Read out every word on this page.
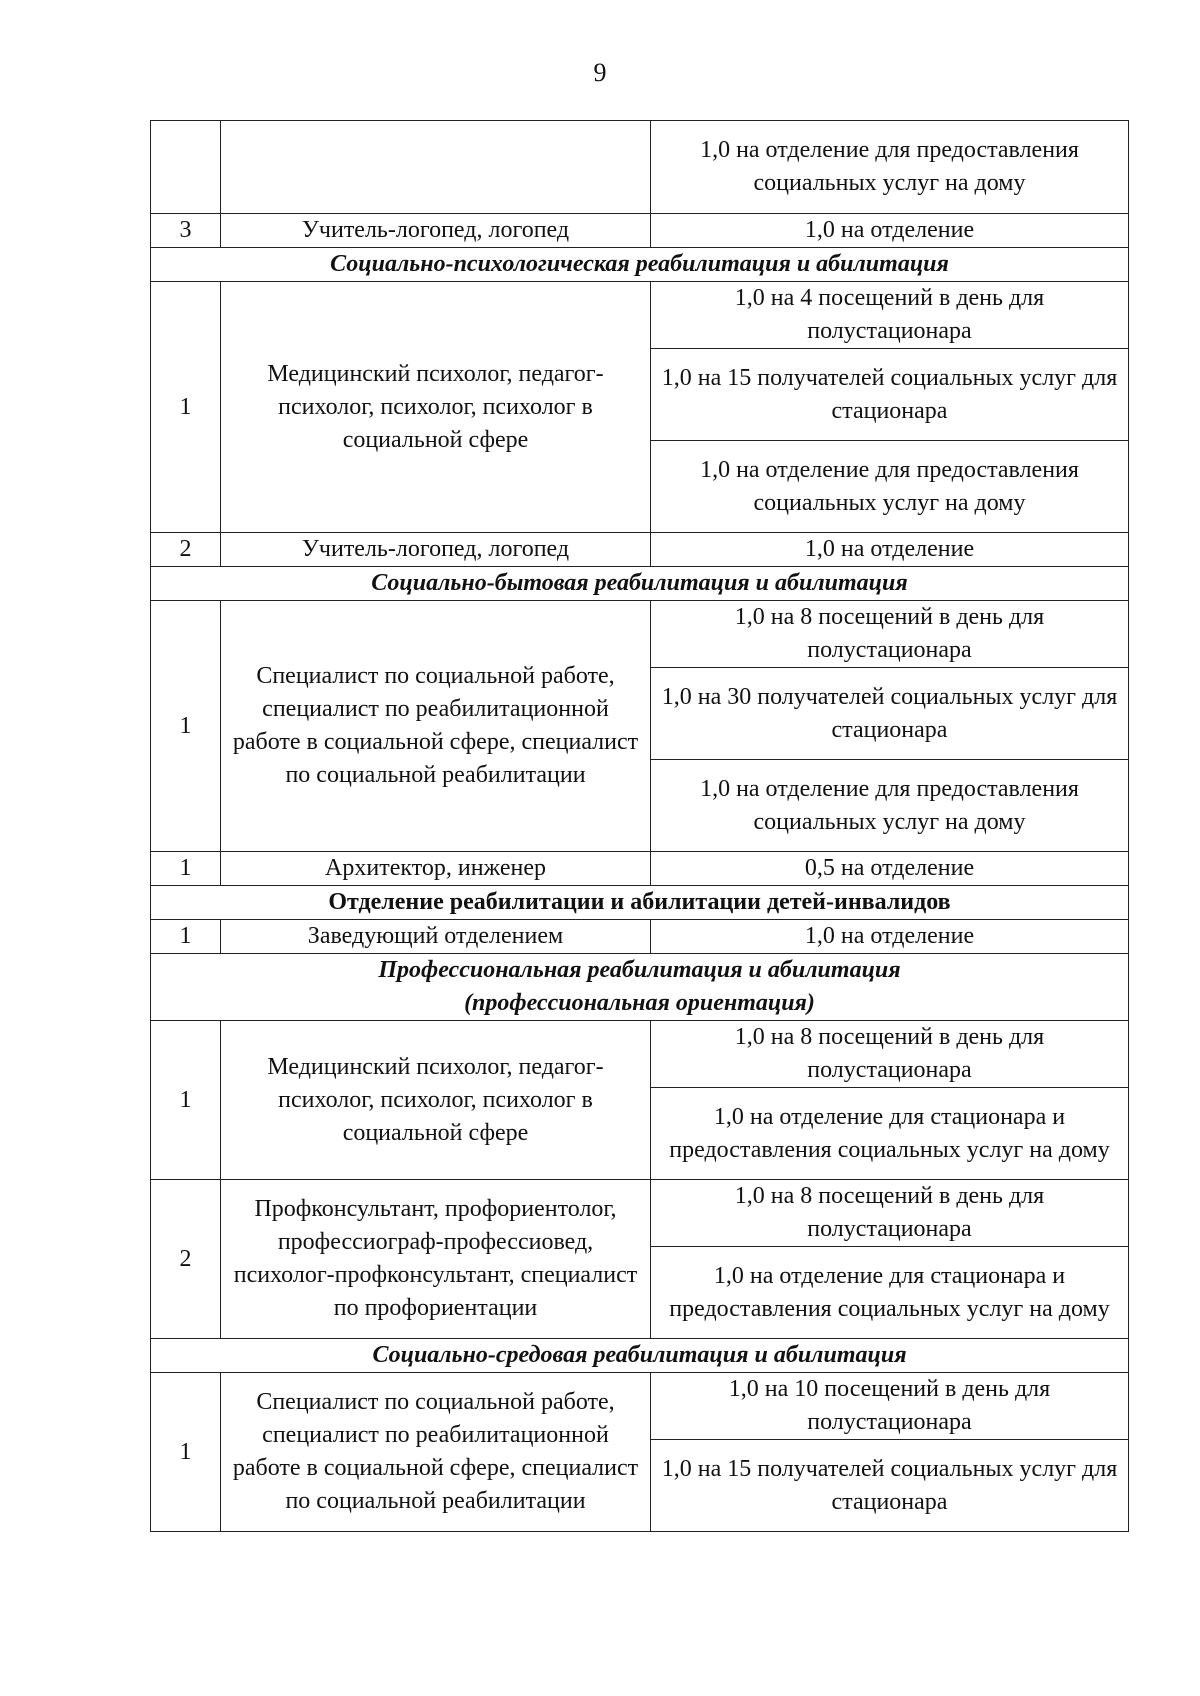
9
		1,0 на отделение для предоставления социальных услуг на дому
3	Учитель-логопед, логопед	1,0 на отделение
Социально-психологическая реабилитация и абилитация		
1	Медицинский психолог, педагог-психолог, психолог, психолог в социальной сфере	1,0 на 4 посещений в день для полустационара
		1,0 на 15 получателей социальных услуг для стационара
		1,0 на отделение для предоставления социальных услуг на дому
2	Учитель-логопед, логопед	1,0 на отделение
Социально-бытовая реабилитация и абилитация		
1	Специалист по социальной работе, специалист по реабилитационной работе в социальной сфере, специалист по социальной реабилитации	1,0 на 8 посещений в день для полустационара
		1,0 на 30 получателей социальных услуг для стационара
		1,0 на отделение для предоставления социальных услуг на дому
1	Архитектор, инженер	0,5 на отделение
Отделение реабилитации и абилитации детей-инвалидов		
1	Заведующий отделением	1,0 на отделение

Профессиональная реабилитация и абилитация
(профессиональная ориентация)		

1	Медицинский психолог, педагог-психолог, психолог, психолог в социальной сфере	1,0 на 8 посещений в день для полустационара
		1,0 на отделение для стационара и предоставления социальных услуг на дому
2	Профконсультант, профориентолог, профессиограф-профессиовед, психолог-профконсультант, специалист по профориентации	1,0 на 8 посещений в день для полустационара
		1,0 на отделение для стационара и предоставления социальных услуг на дому
Социально-средовая реабилитация и абилитация		
1	Специалист по социальной работе, специалист по реабилитационной работе в социальной сфере, специалист по социальной реабилитации	1,0 на 10 посещений в день для полустационара
		1,0 на 15 получателей социальных услуг для стационара
